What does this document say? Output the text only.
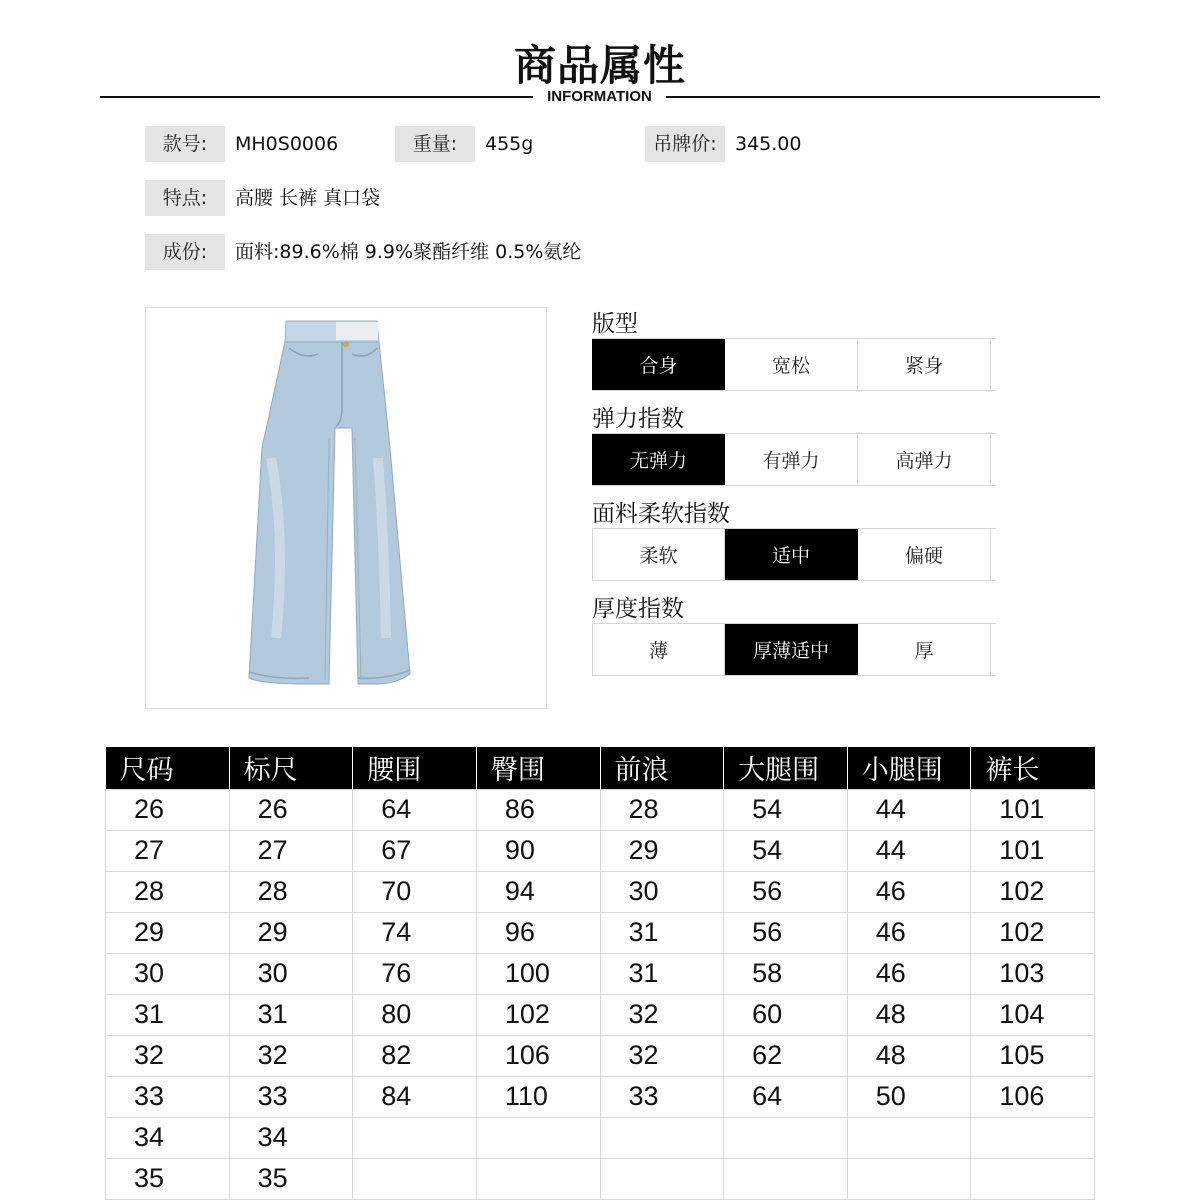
商品属性
INFORMATION
款号:	MH0S0006	重量:	455g	吊牌价: 345.00
特点:	高腰 长裤 真口袋
成份:	面料:89.6%棉 9.9%聚酯纤维 0.5%氨纶
版型
合身	宽松	紧身
弹力指数
无弹力	有弹力	高弹力
面料柔软指数
柔软	适中	偏硬
厚度指数
薄	厚薄适中	厚
尺码	标尺	腰围	臀围	前浪	大腿围	小腿围	裤长
26	26	64	86	28	54	44	101
27	27	67	90	29	54	44	101
28	28	70	94	30	56	46	102
29	29	74	96	31	56	46	102
30	30	76	100	31	58	46	103
31	31	80	102	32	60	48	104
32	32	82	106	32	62	48	105
33	33	84	110	33	64	50	106
34	34						
35	35						
